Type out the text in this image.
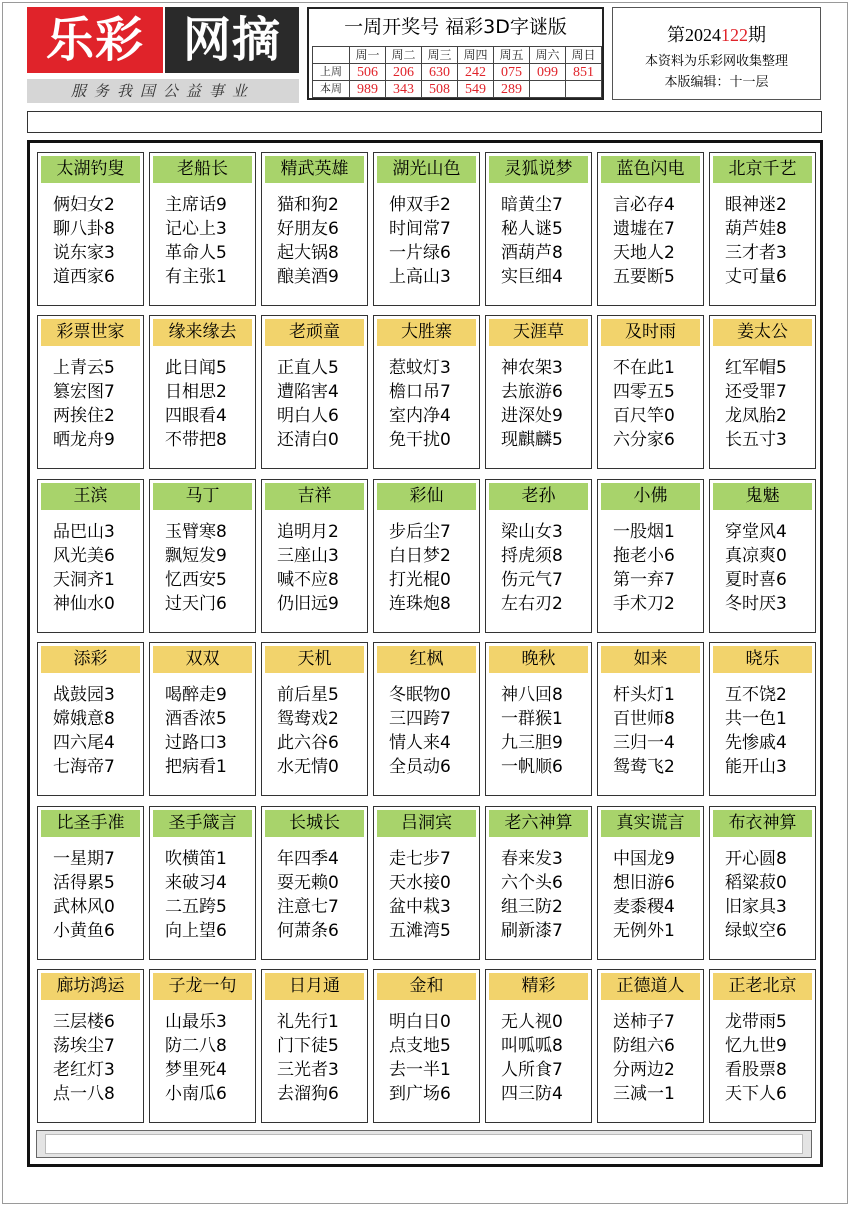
乐彩 网摘
服务我国公益事业
一周开奖号 福彩3D字谜版
	周一	周二	周三	周四	周五	周六	周日
上周	506	206	630	242	075	099	851
本周	989	343	508	549	289		
第2024122期
本资料为乐彩网收集整理
本版编辑：十一层
太湖钓叟
俩妇女2
聊八卦8
说东家3
道西家6
老船长
主席话9
记心上3
革命人5
有主张1
精武英雄
猫和狗2
好朋友6
起大锅8
酿美酒9
湖光山色
伸双手2
时间常7
一片绿6
上高山3
灵狐说梦
暗黄尘7
秘人谜5
酒葫芦8
实巨细4
蓝色闪电
言必存4
遗墟在7
天地人2
五要断5
北京千艺
眼神迷2
葫芦娃8
三才者3
丈可量6
彩票世家
上青云5
篡宏图7
两挨住2
晒龙舟9
缘来缘去
此日闻5
日相思2
四眼看4
不带把8
老顽童
正直人5
遭陷害4
明白人6
还清白0
大胜寨
惹蚊灯3
檐口吊7
室内净4
免干扰0
天涯草
神农架3
去旅游6
进深处9
现麒麟5
及时雨
不在此1
四零五5
百尺竿0
六分家6
姜太公
红军帽5
还受罪7
龙凤胎2
长五寸3
王滨
品巴山3
风光美6
天洞齐1
神仙水0
马丁
玉臂寒8
飘短发9
忆西安5
过天门6
吉祥
追明月2
三座山3
喊不应8
仍旧远9
彩仙
步后尘7
白日梦2
打光棍0
连珠炮8
老孙
梁山女3
捋虎须8
伤元气7
左右刃2
小佛
一股烟1
拖老小6
第一弃7
手术刀2
鬼魅
穿堂风4
真凉爽0
夏时喜6
冬时厌3
添彩
战鼓园3
嫦娥意8
四六尾4
七海帝7
双双
喝醉走9
酒香浓5
过路口3
把病看1
天机
前后星5
鸳鸯戏2
此六谷6
水无情0
红枫
冬眠物0
三四跨7
情人来4
全员动6
晚秋
神八回8
一群猴1
九三胆9
一帆顺6
如来
杆头灯1
百世师8
三归一4
鸳鸯飞2
晓乐
互不饶2
共一色1
先惨戚4
能开山3
比圣手准
一星期7
活得累5
武林风0
小黄鱼6
圣手箴言
吹横笛1
来破习4
二五跨5
向上望6
长城长
年四季4
耍无赖0
注意七7
何萧条6
吕洞宾
走七步7
天水接0
盆中栽3
五滩湾5
老六神算
春来发3
六个头6
组三防2
刷新漆7
真实谎言
中国龙9
想旧游6
麦黍稷4
无例外1
布衣神算
开心圆8
稻粱菽0
旧家具3
绿蚁空6
廊坊鸿运
三层楼6
荡埃尘7
老红灯3
点一八8
子龙一句
山最乐3
防二八8
梦里死4
小南瓜6
日月通
礼先行1
门下徒5
三光者3
去溜狗6
金和
明白日0
点支地5
去一半1
到广场6
精彩
无人视0
叫呱呱8
人所食7
四三防4
正德道人
送柿子7
防组六6
分两边2
三减一1
正老北京
龙带雨5
忆九世9
看股票8
天下人6
